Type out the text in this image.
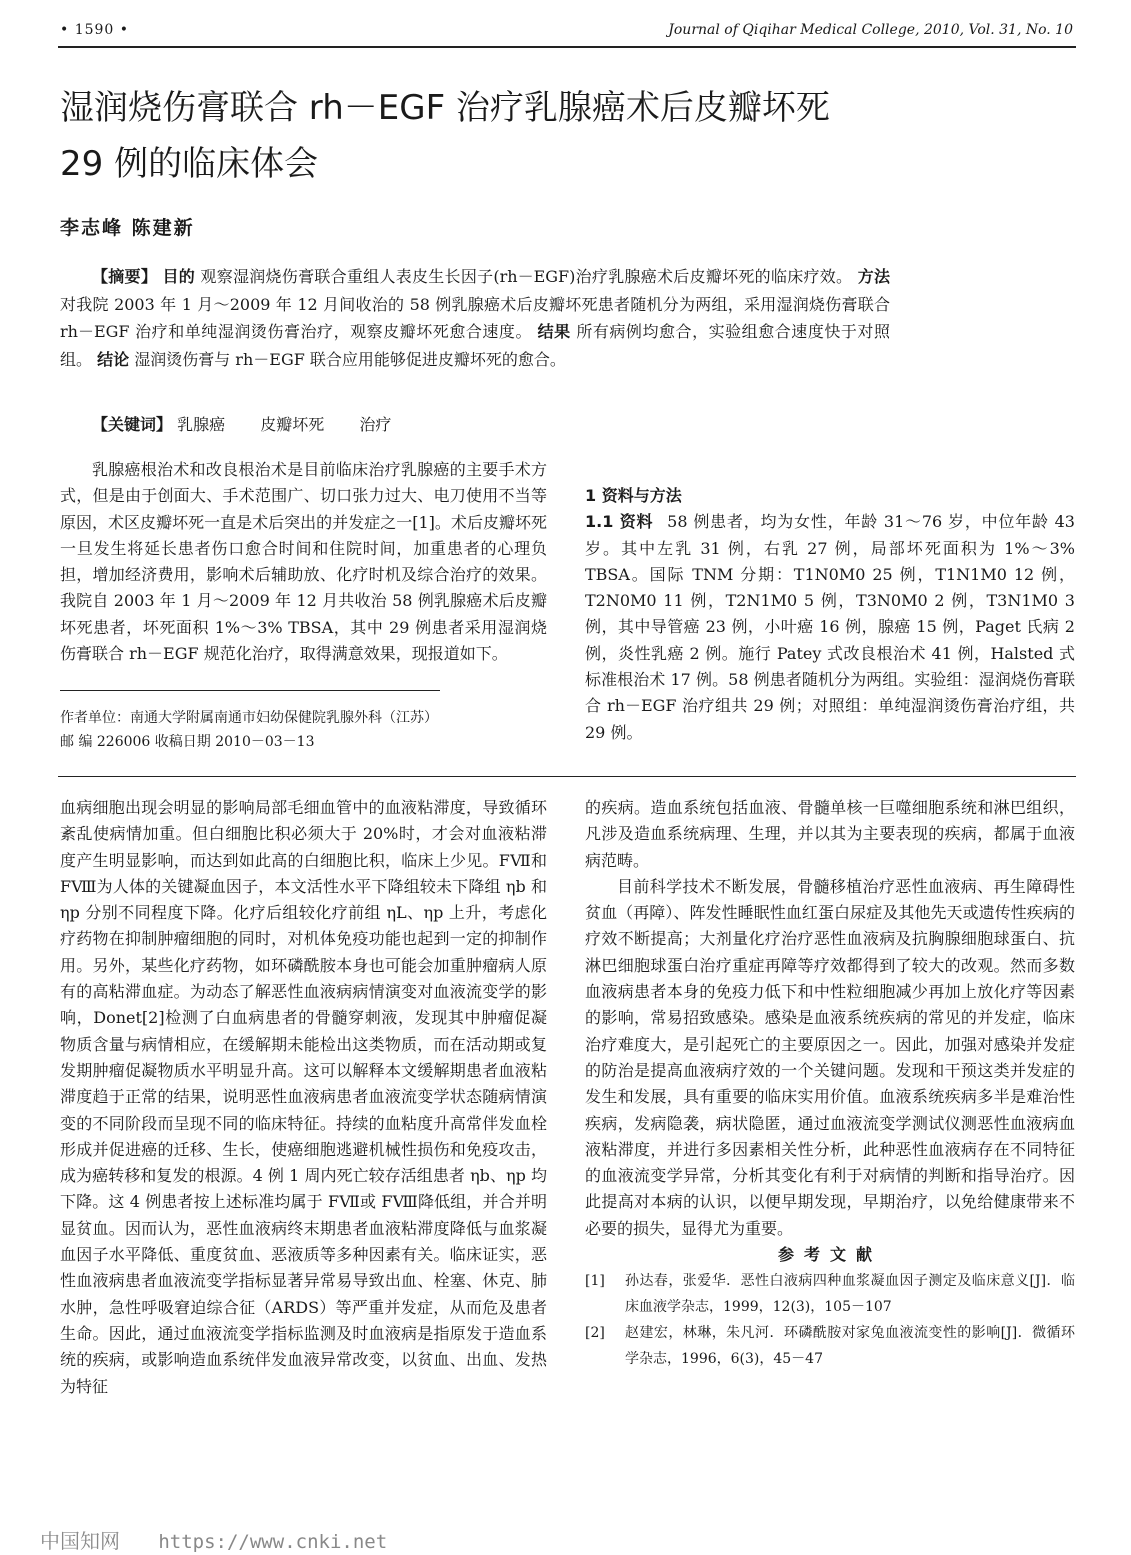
• 1590 •	Journal of Qiqihar Medical College, 2010, Vol. 31, No. 10
湿润烧伤膏联合 rh－EGF 治疗乳腺癌术后皮瓣坏死
29 例的临床体会
李志峰 陈建新

【摘要】 目的 观察湿润烧伤膏联合重组人表皮生长因子(rh－EGF)治疗乳腺癌术后皮瓣坏死的临床疗效。 方法 对我院 2003 年 1 月～2009 年 12 月间收治的 58 例乳腺癌术后皮瓣坏死患者随机分为两组，采用湿润烧伤膏联合 rh－EGF 治疗和单纯湿润烫伤膏治疗，观察皮瓣坏死愈合速度。 结果 所有病例均愈合，实验组愈合速度快于对照组。 结论 湿润烫伤膏与 rh－EGF 联合应用能够促进皮瓣坏死的愈合。

【关键词】 乳腺癌 皮瓣坏死 治疗

乳腺癌根治术和改良根治术是目前临床治疗乳腺癌的主要手术方式，但是由于创面大、手术范围广、切口张力过大、电刀使用不当等原因，术区皮瓣坏死一直是术后突出的并发症之一[1]。术后皮瓣坏死一旦发生将延长患者伤口愈合时间和住院时间，加重患者的心理负担，增加经济费用，影响术后辅助放、化疗时机及综合治疗的效果。我院自 2003 年 1 月～2009 年 12 月共收治 58 例乳腺癌术后皮瓣坏死患者，坏死面积 1%～3% TBSA，其中 29 例患者采用湿润烧伤膏联合 rh－EGF 规范化治疗，取得满意效果，现报道如下。

作者单位：南通大学附属南通市妇幼保健院乳腺外科（江苏）
邮 编 226006 收稿日期 2010－03－13

1 资料与方法

1.1 资料 58 例患者，均为女性，年龄 31～76 岁，中位年龄 43 岁。其中左乳 31 例，右乳 27 例，局部坏死面积为 1%～3% TBSA。国际 TNM 分期：T1N0M0 25 例，T1N1M0 12 例，T2N0M0 11 例，T2N1M0 5 例，T3N0M0 2 例，T3N1M0 3 例，其中导管癌 23 例，小叶癌 16 例，腺癌 15 例，Paget 氏病 2 例，炎性乳癌 2 例。施行 Patey 式改良根治术 41 例，Halsted 式标准根治术 17 例。58 例患者随机分为两组。实验组：湿润烧伤膏联合 rh－EGF 治疗组共 29 例；对照组：单纯湿润烫伤膏治疗组，共 29 例。

血病细胞出现会明显的影响局部毛细血管中的血液粘滞度，导致循环紊乱使病情加重。但白细胞比积必须大于 20%时，才会对血液粘滞度产生明显影响，而达到如此高的白细胞比积，临床上少见。FⅦ和 FⅧ为人体的关键凝血因子，本文活性水平下降组较未下降组 ηb 和 ηp 分别不同程度下降。化疗后组较化疗前组 ηL、ηp 上升，考虑化疗药物在抑制肿瘤细胞的同时，对机体免疫功能也起到一定的抑制作用。另外，某些化疗药物，如环磷酰胺本身也可能会加重肿瘤病人原有的高粘滞血症。为动态了解恶性血液病病情演变对血液流变学的影响，Donet[2]检测了白血病患者的骨髓穿刺液，发现其中肿瘤促凝物质含量与病情相应，在缓解期未能检出这类物质，而在活动期或复发期肿瘤促凝物质水平明显升高。这可以解释本文缓解期患者血液粘滞度趋于正常的结果，说明恶性血液病患者血液流变学状态随病情演变的不同阶段而呈现不同的临床特征。持续的血粘度升高常伴发血栓形成并促进癌的迁移、生长，使癌细胞逃避机械性损伤和免疫攻击，成为癌转移和复发的根源。4 例 1 周内死亡较存活组患者 ηb、ηp 均下降。这 4 例患者按上述标准均属于 FⅦ或 FⅧ降低组，并合并明显贫血。因而认为，恶性血液病终末期患者血液粘滞度降低与血浆凝血因子水平降低、重度贫血、恶液质等多种因素有关。临床证实，恶性血液病患者血液流变学指标显著异常易导致出血、栓塞、休克、肺水肿，急性呼吸窘迫综合征（ARDS）等严重并发症，从而危及患者生命。因此，通过血液流变学指标监测及时血液病是指原发于造血系统的疾病，或影响造血系统伴发血液异常改变，以贫血、出血、发热为特征

的疾病。造血系统包括血液、骨髓单核一巨噬细胞系统和淋巴组织，凡涉及造血系统病理、生理，并以其为主要表现的疾病，都属于血液病范畴。

目前科学技术不断发展，骨髓移植治疗恶性血液病、再生障碍性贫血（再障）、阵发性睡眠性血红蛋白尿症及其他先天或遗传性疾病的疗效不断提高；大剂量化疗治疗恶性血液病及抗胸腺细胞球蛋白、抗淋巴细胞球蛋白治疗重症再障等疗效都得到了较大的改观。然而多数血液病患者本身的免疫力低下和中性粒细胞减少再加上放化疗等因素的影响，常易招致感染。感染是血液系统疾病的常见的并发症，临床治疗难度大，是引起死亡的主要原因之一。因此，加强对感染并发症的防治是提高血液病疗效的一个关键问题。发现和干预这类并发症的发生和发展，具有重要的临床实用价值。血液系统疾病多半是难治性疾病，发病隐袭，病状隐匿，通过血液流变学测试仪测恶性血液病血液粘滞度，并进行多因素相关性分析，此种恶性血液病存在不同特征的血液流变学异常，分析其变化有利于对病情的判断和指导治疗。因此提高对本病的认识，以便早期发现，早期治疗，以免给健康带来不必要的损失，显得尤为重要。

参考文献

[1]	孙达春，张爱华．恶性白液病四种血浆凝血因子测定及临床意义[J]．临床血液学杂志，1999，12(3)，105－107
[2]	赵建宏，林琳，朱凡河．环磷酰胺对家兔血液流变性的影响[J]．微循环学杂志，1996，6(3)，45－47
中国知网 https://www.cnki.net
